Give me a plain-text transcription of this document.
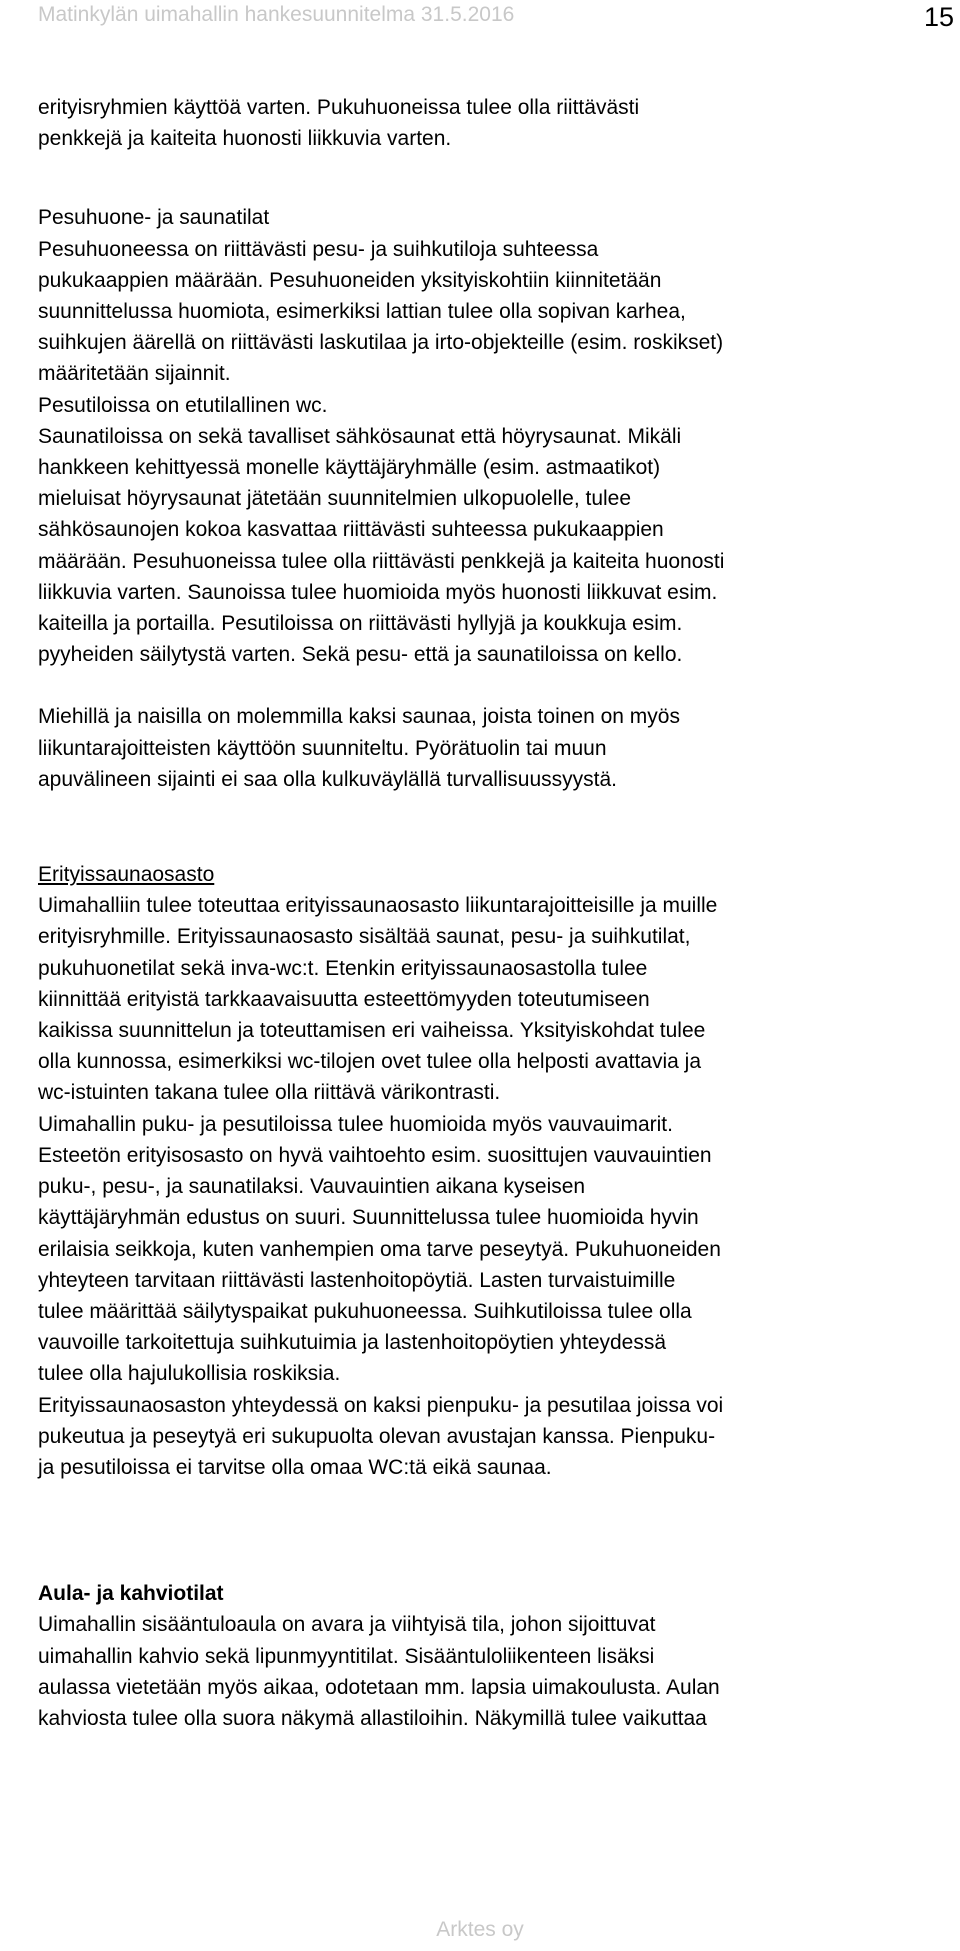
Matinkylän uimahallin hankesuunnitelma 31.5.2016	15

erityisryhmien käyttöä varten. Pukuhuoneissa tulee olla riittävästi

penkkejä ja kaiteita huonosti liikkuvia varten.

Pesuhuone- ja saunatilat

Pesuhuoneessa on riittävästi pesu- ja suihkutiloja suhteessa

pukukaappien määrään. Pesuhuoneiden yksityiskohtiin kiinnitetään

suunnittelussa huomiota, esimerkiksi lattian tulee olla sopivan karhea,

suihkujen äärellä on riittävästi laskutilaa ja irto-objekteille (esim. roskikset)

määritetään sijainnit.

Pesutiloissa on etutilallinen wc.

Saunatiloissa on sekä tavalliset sähkösaunat että höyrysaunat. Mikäli

hankkeen kehittyessä monelle käyttäjäryhmälle (esim. astmaatikot)

mieluisat höyrysaunat jätetään suunnitelmien ulkopuolelle, tulee

sähkösaunojen kokoa kasvattaa riittävästi suhteessa pukukaappien

määrään. Pesuhuoneissa tulee olla riittävästi penkkejä ja kaiteita huonosti

liikkuvia varten. Saunoissa tulee huomioida myös huonosti liikkuvat esim.

kaiteilla ja portailla. Pesutiloissa on riittävästi hyllyjä ja koukkuja esim.

pyyheiden säilytystä varten. Sekä pesu- että ja saunatiloissa on kello.

Miehillä ja naisilla on molemmilla kaksi saunaa, joista toinen on myös

liikuntarajoitteisten käyttöön suunniteltu. Pyörätuolin tai muun

apuvälineen sijainti ei saa olla kulkuväylällä turvallisuussyystä.

Erityissaunaosasto

Uimahalliin tulee toteuttaa erityissaunaosasto liikuntarajoitteisille ja muille

erityisryhmille. Erityissaunaosasto sisältää saunat, pesu- ja suihkutilat,

pukuhuonetilat sekä inva-wc:t. Etenkin erityissaunaosastolla tulee

kiinnittää erityistä tarkkaavaisuutta esteettömyyden toteutumiseen

kaikissa suunnittelun ja toteuttamisen eri vaiheissa. Yksityiskohdat tulee

olla kunnossa, esimerkiksi wc-tilojen ovet tulee olla helposti avattavia ja

wc-istuinten takana tulee olla riittävä värikontrasti.

Uimahallin puku- ja pesutiloissa tulee huomioida myös vauvauimarit.

Esteetön erityisosasto on hyvä vaihtoehto esim. suosittujen vauvauintien

puku-, pesu-, ja saunatilaksi. Vauvauintien aikana kyseisen

käyttäjäryhmän edustus on suuri. Suunnittelussa tulee huomioida hyvin

erilaisia seikkoja, kuten vanhempien oma tarve peseytyä. Pukuhuoneiden

yhteyteen tarvitaan riittävästi lastenhoitopöytiä. Lasten turvaistuimille

tulee määrittää säilytyspaikat pukuhuoneessa. Suihkutiloissa tulee olla

vauvoille tarkoitettuja suihkutuimia ja lastenhoitopöytien yhteydessä

tulee olla hajulukollisia roskiksia.

Erityissaunaosaston yhteydessä on kaksi pienpuku- ja pesutilaa joissa voi

pukeutua ja peseytyä eri sukupuolta olevan avustajan kanssa. Pienpuku-

ja pesutiloissa ei tarvitse olla omaa WC:tä eikä saunaa.

Aula- ja kahviotilat

Uimahallin sisääntuloaula on avara ja viihtyisä tila, johon sijoittuvat

uimahallin kahvio sekä lipunmyyntitilat. Sisääntuloliikenteen lisäksi

aulassa vietetään myös aikaa, odotetaan mm. lapsia uimakoulusta. Aulan

kahviosta tulee olla suora näkymä allastiloihin. Näkymillä tulee vaikuttaa

Arktes oy
